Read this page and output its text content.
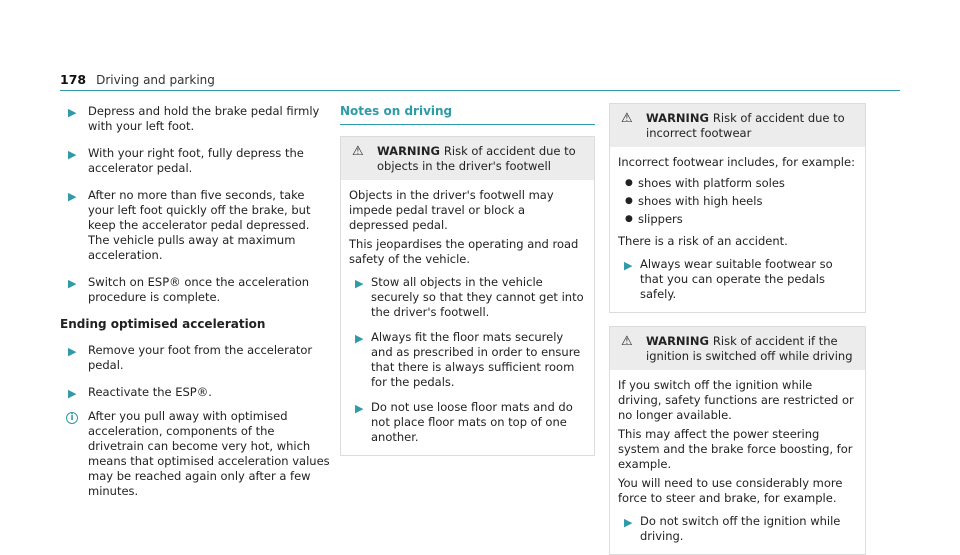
178 Driving and parking
▶	Depress and hold the brake pedal firmly with your left foot.
▶	With your right foot, fully depress the accelerator pedal.
▶	After no more than five seconds, take your left foot quickly off the brake, but keep the accelerator pedal depressed.
The vehicle pulls away at maximum acceleration.
▶	Switch on ESP® once the acceleration procedure is complete.
Ending optimised acceleration
▶	Remove your foot from the accelerator pedal.
▶	Reactivate the ESP®.
i	After you pull away with optimised acceleration, components of the drivetrain can become very hot, which means that optimised acceleration values may be reached again only after a few minutes.
Notes on driving
⚠	WARNING Risk of accident due to objects in the driver's footwell

Objects in the driver's footwell may impede pedal travel or block a depressed pedal.

This jeopardises the operating and road safety of the vehicle.

▶ Stow all objects in the vehicle securely so that they cannot get into the driver's footwell.
▶ Always fit the floor mats securely and as prescribed in order to ensure that there is always sufficient room for the pedals.
▶ Do not use loose floor mats and do not place floor mats on top of one another.
⚠	WARNING Risk of accident due to incorrect footwear

Incorrect footwear includes, for example:

● shoes with platform soles
● shoes with high heels
● slippers

There is a risk of an accident.

▶ Always wear suitable footwear so that you can operate the pedals safely.
⚠	WARNING Risk of accident if the ignition is switched off while driving

If you switch off the ignition while driving, safety functions are restricted or no longer available.

This may affect the power steering system and the brake force boosting, for example.

You will need to use considerably more force to steer and brake, for example.

▶ Do not switch off the ignition while driving.
